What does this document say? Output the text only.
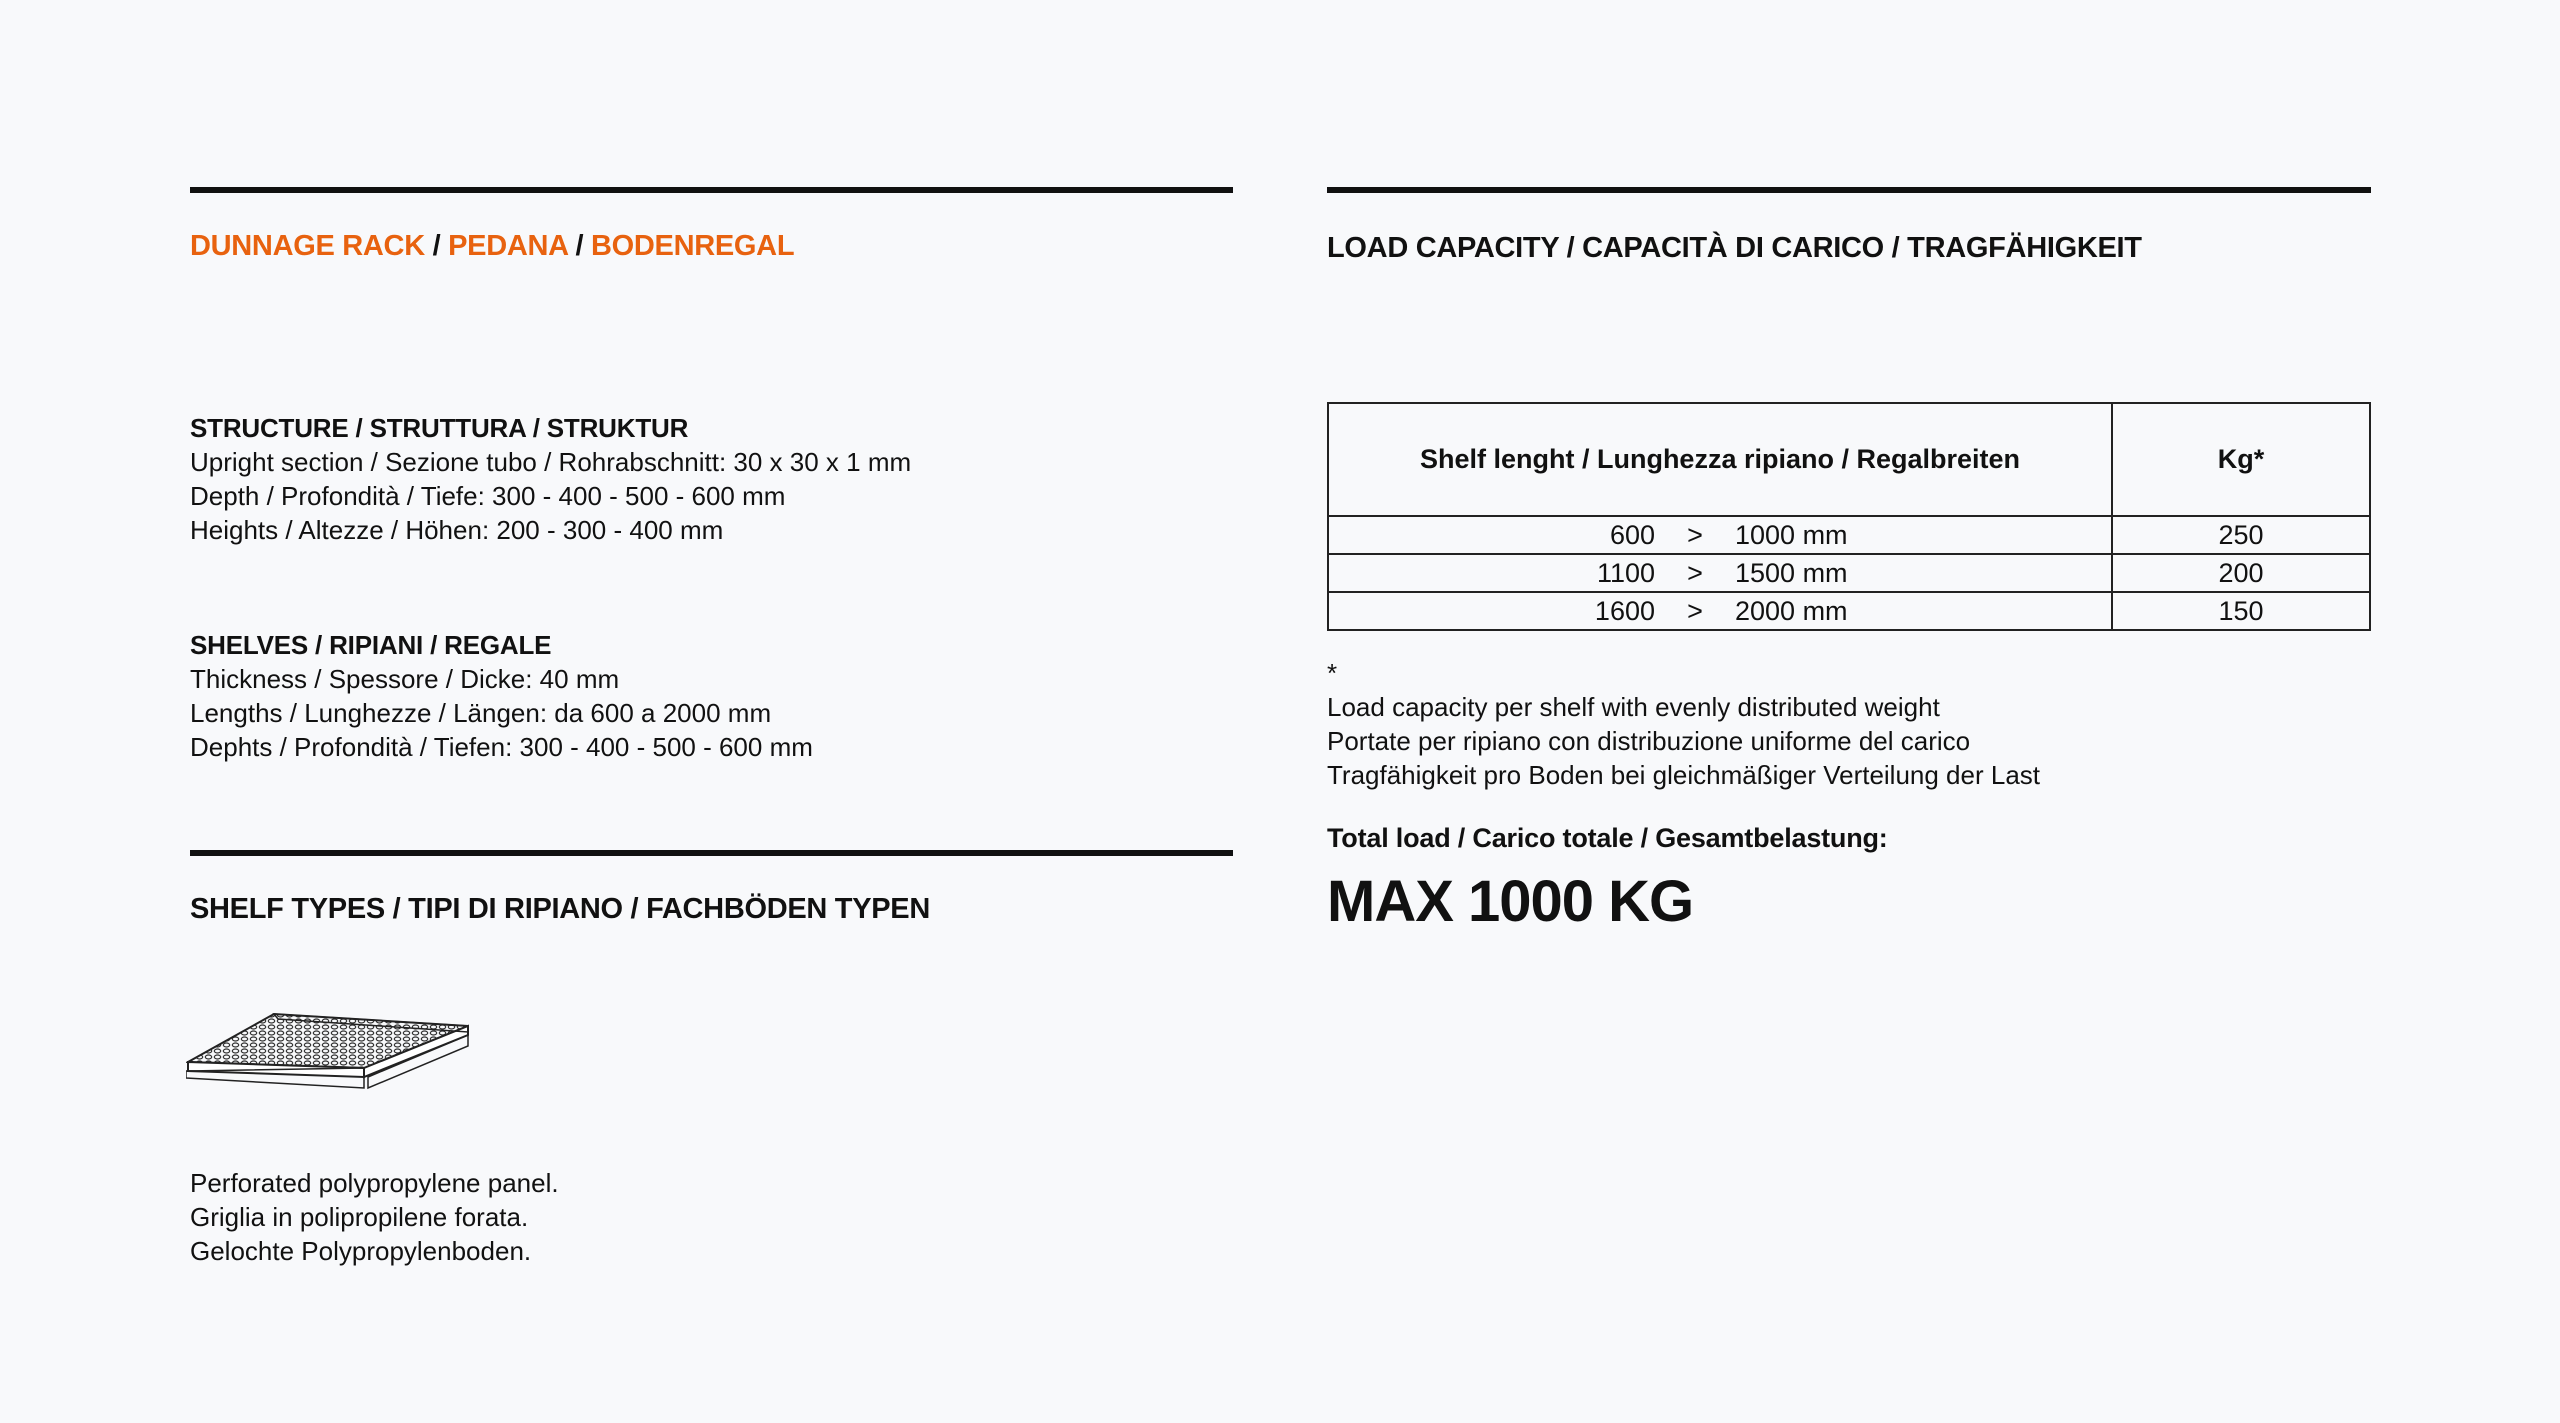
DUNNAGE RACK / PEDANA / BODENREGAL
STRUCTURE / STRUTTURA / STRUKTUR
Upright section / Sezione tubo / Rohrabschnitt: 30 x 30 x 1 mm
Depth / Profondità / Tiefe: 300 - 400 - 500 - 600 mm
Heights / Altezze / Höhen: 200 - 300 - 400 mm
SHELVES / RIPIANI / REGALE
Thickness / Spessore / Dicke: 40 mm
Lengths / Lunghezze / Längen: da 600 a 2000 mm
Dephts / Profondità / Tiefen: 300 - 400 - 500 - 600 mm
SHELF TYPES / TIPI DI RIPIANO / FACHBÖDEN TYPEN
Perforated polypropylene panel.
Griglia in polipropilene forata.
Gelochte Polypropylenboden.
LOAD CAPACITY / CAPACITÀ DI CARICO / TRAGFÄHIGKEIT
Shelf lenght / Lunghezza ripiano / Regalbreiten	Kg*

600 > 1000 mm	250

1100 > 1500 mm	200

1600 > 2000 mm	150
*
Load capacity per shelf with evenly distributed weight
Portate per ripiano con distribuzione uniforme del carico
Tragfähigkeit pro Boden bei gleichmäßiger Verteilung der Last
Total load / Carico totale / Gesamtbelastung:
MAX 1000 KG
